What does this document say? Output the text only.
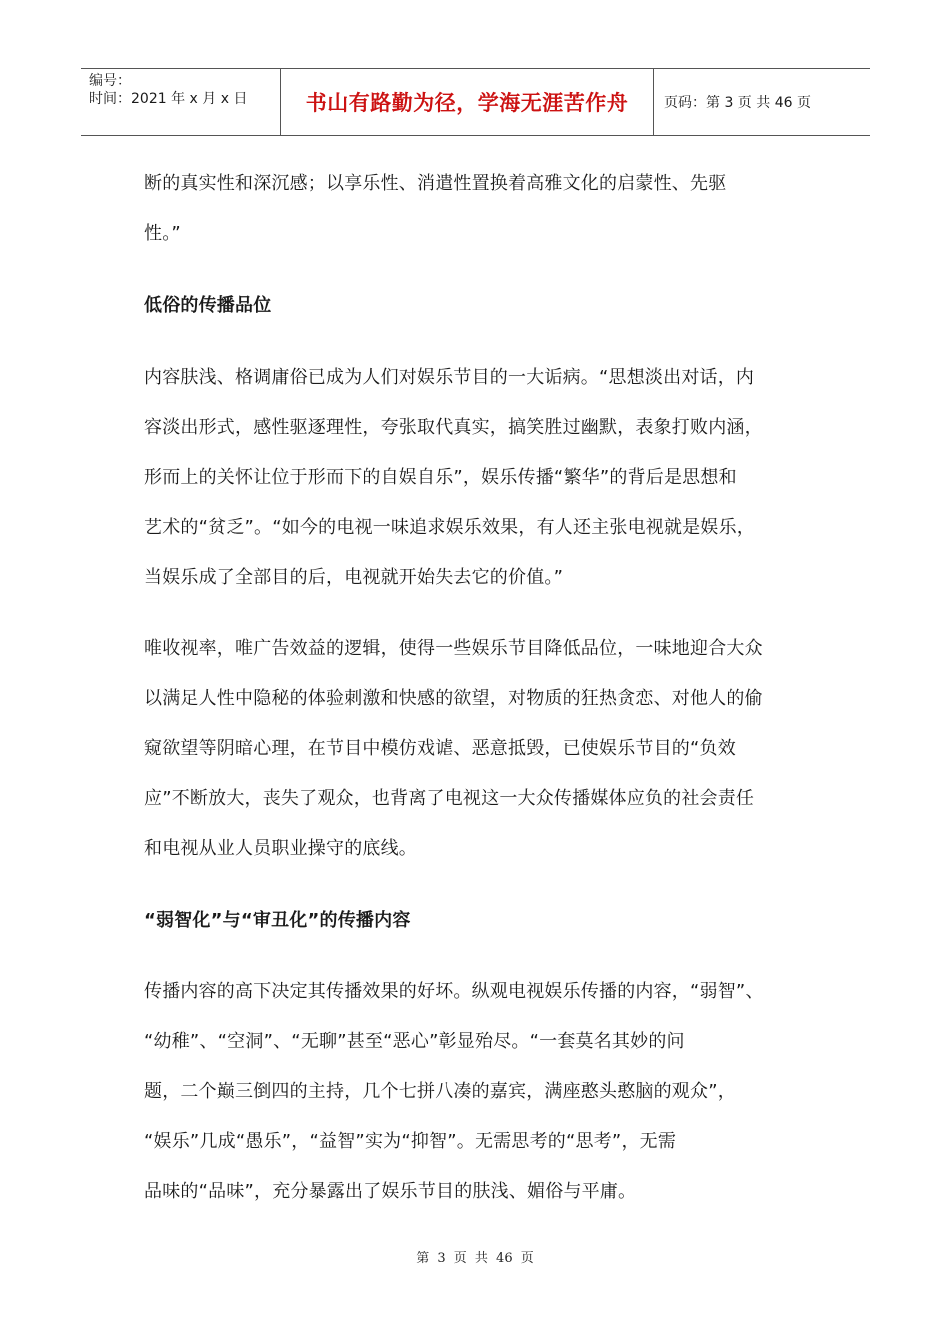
编号：
时间：2021 年 x 月 x 日	书山有路勤为径，学海无涯苦作舟	页码：第 3 页 共 46 页
断的真实性和深沉感；以享乐性、消遣性置换着高雅文化的启蒙性、先驱
性。”
低俗的传播品位
内容肤浅、格调庸俗已成为人们对娱乐节目的一大诟病。“思想淡出对话，内
容淡出形式，感性驱逐理性，夸张取代真实，搞笑胜过幽默，表象打败内涵，
形而上的关怀让位于形而下的自娱自乐”，娱乐传播“繁华”的背后是思想和
艺术的“贫乏”。“如今的电视一味追求娱乐效果，有人还主张电视就是娱乐，
当娱乐成了全部目的后，电视就开始失去它的价值。”
唯收视率，唯广告效益的逻辑，使得一些娱乐节目降低品位，一味地迎合大众
以满足人性中隐秘的体验刺激和快感的欲望，对物质的狂热贪恋、对他人的偷
窥欲望等阴暗心理，在节目中模仿戏谑、恶意抵毁，已使娱乐节目的“负效
应”不断放大，丧失了观众，也背离了电视这一大众传播媒体应负的社会责任
和电视从业人员职业操守的底线。
“弱智化”与“审丑化”的传播内容
传播内容的高下决定其传播效果的好坏。纵观电视娱乐传播的内容，“弱智”、
“幼稚”、“空洞”、“无聊”甚至“恶心”彰显殆尽。“一套莫名其妙的问
题，二个巅三倒四的主持，几个七拼八凑的嘉宾，满座憨头憨脑的观众”，
“娱乐”几成“愚乐”，“益智”实为“抑智”。无需思考的“思考”，无需
品味的“品味”，充分暴露出了娱乐节目的肤浅、媚俗与平庸。
第 3 页 共 46 页
